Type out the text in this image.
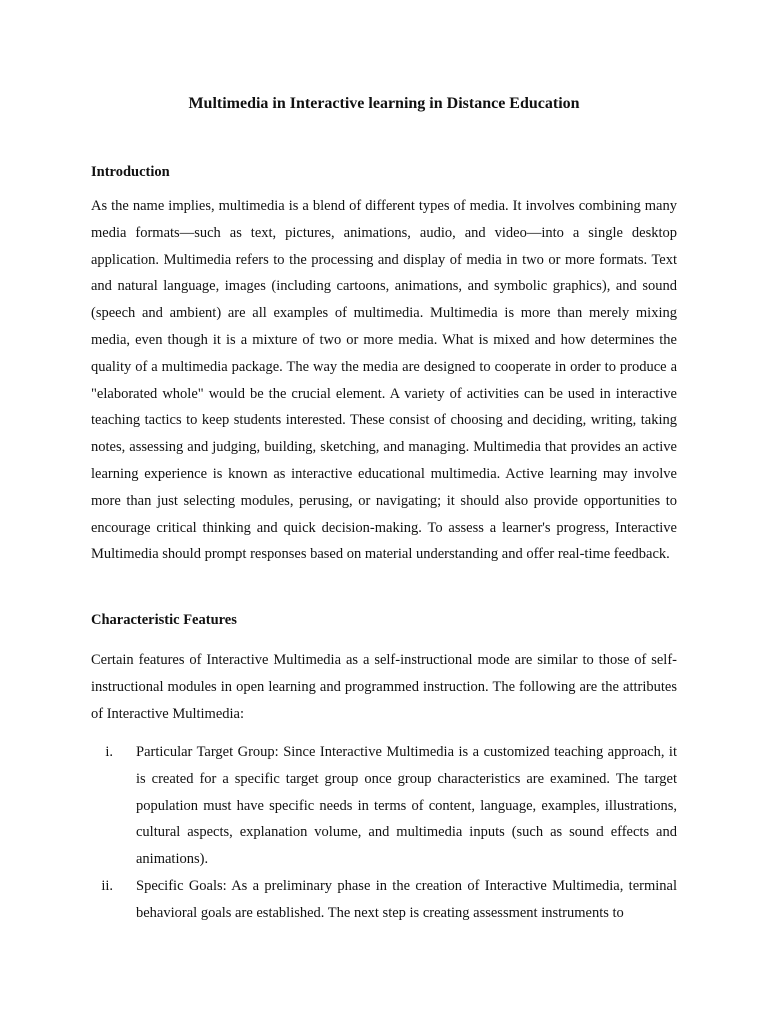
Multimedia in Interactive learning in Distance Education
Introduction

As the name implies, multimedia is a blend of different types of media. It involves combining many media formats—such as text, pictures, animations, audio, and video—into a single desktop application. Multimedia refers to the processing and display of media in two or more formats. Text and natural language, images (including cartoons, animations, and symbolic graphics), and sound (speech and ambient) are all examples of multimedia. Multimedia is more than merely mixing media, even though it is a mixture of two or more media. What is mixed and how determines the quality of a multimedia package. The way the media are designed to cooperate in order to produce a "elaborated whole" would be the crucial element. A variety of activities can be used in interactive teaching tactics to keep students interested. These consist of choosing and deciding, writing, taking notes, assessing and judging, building, sketching, and managing. Multimedia that provides an active learning experience is known as interactive educational multimedia. Active learning may involve more than just selecting modules, perusing, or navigating; it should also provide opportunities to encourage critical thinking and quick decision-making. To assess a learner's progress, Interactive Multimedia should prompt responses based on material understanding and offer real-time feedback.

Characteristic Features

Certain features of Interactive Multimedia as a self-instructional mode are similar to those of self-instructional modules in open learning and programmed instruction. The following are the attributes of Interactive Multimedia:

i. Particular Target Group: Since Interactive Multimedia is a customized teaching approach, it is created for a specific target group once group characteristics are examined. The target population must have specific needs in terms of content, language, examples, illustrations, cultural aspects, explanation volume, and multimedia inputs (such as sound effects and animations).
ii. Specific Goals: As a preliminary phase in the creation of Interactive Multimedia, terminal behavioral goals are established. The next step is creating assessment instruments to
